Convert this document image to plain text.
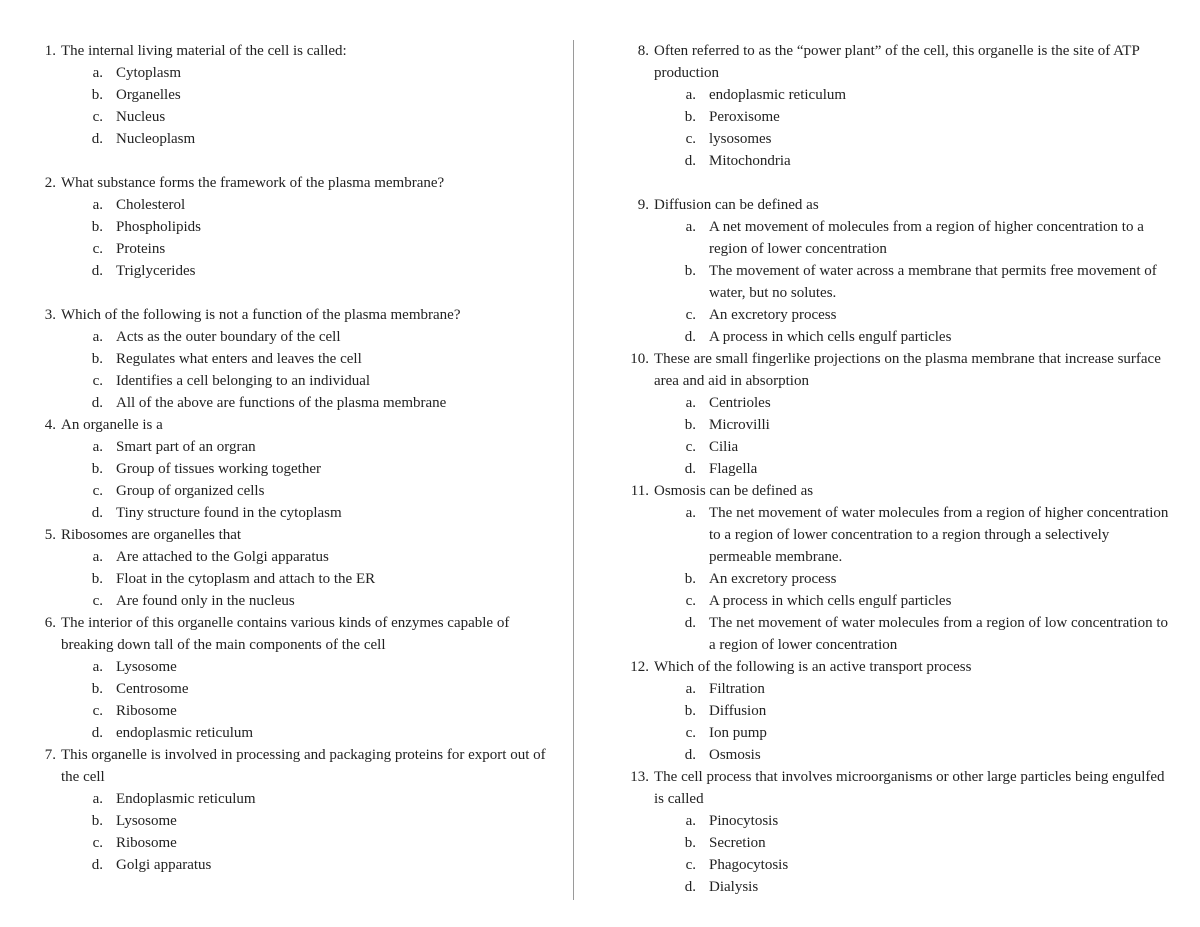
1. The internal living material of the cell is called:
a. Cytoplasm
b. Organelles
c. Nucleus
d. Nucleoplasm
2. What substance forms the framework of the plasma membrane?
a. Cholesterol
b. Phospholipids
c. Proteins
d. Triglycerides
3. Which of the following is not a function of the plasma membrane?
a. Acts as the outer boundary of the cell
b. Regulates what enters and leaves the cell
c. Identifies a cell belonging to an individual
d. All of the above are functions of the plasma membrane
4. An organelle is a
a. Smart part of an orgran
b. Group of tissues working together
c. Group of organized cells
d. Tiny structure found in the cytoplasm
5. Ribosomes are organelles that
a. Are attached to the Golgi apparatus
b. Float in the cytoplasm and attach to the ER
c. Are found only in the nucleus
6. The interior of this organelle contains various kinds of enzymes capable of breaking down tall of the main components of the cell
a. Lysosome
b. Centrosome
c. Ribosome
d. endoplasmic reticulum
7. This organelle is involved in processing and packaging proteins for export out of the cell
a. Endoplasmic reticulum
b. Lysosome
c. Ribosome
d. Golgi apparatus
8. Often referred to as the “power plant” of the cell, this organelle is the site of ATP production
a. endoplasmic reticulum
b. Peroxisome
c. lysosomes
d. Mitochondria
9. Diffusion can be defined as
a. A net movement of molecules from a region of higher concentration to a region of lower concentration
b. The movement of water across a membrane that permits free movement of water, but no solutes.
c. An excretory process
d. A process in which cells engulf particles
10. These are small fingerlike projections on the plasma membrane that increase surface area and aid in absorption
a. Centrioles
b. Microvilli
c. Cilia
d. Flagella
11. Osmosis can be defined as
a. The net movement of water molecules from a region of higher concentration to a region of lower concentration to a region through a selectively permeable membrane.
b. An excretory process
c. A process in which cells engulf particles
d. The net movement of water molecules from a region of low concentration to a region of lower concentration
12. Which of the following is an active transport process
a. Filtration
b. Diffusion
c. Ion pump
d. Osmosis
13. The cell process that involves microorganisms or other large particles being engulfed is called
a. Pinocytosis
b. Secretion
c. Phagocytosis
d. Dialysis
